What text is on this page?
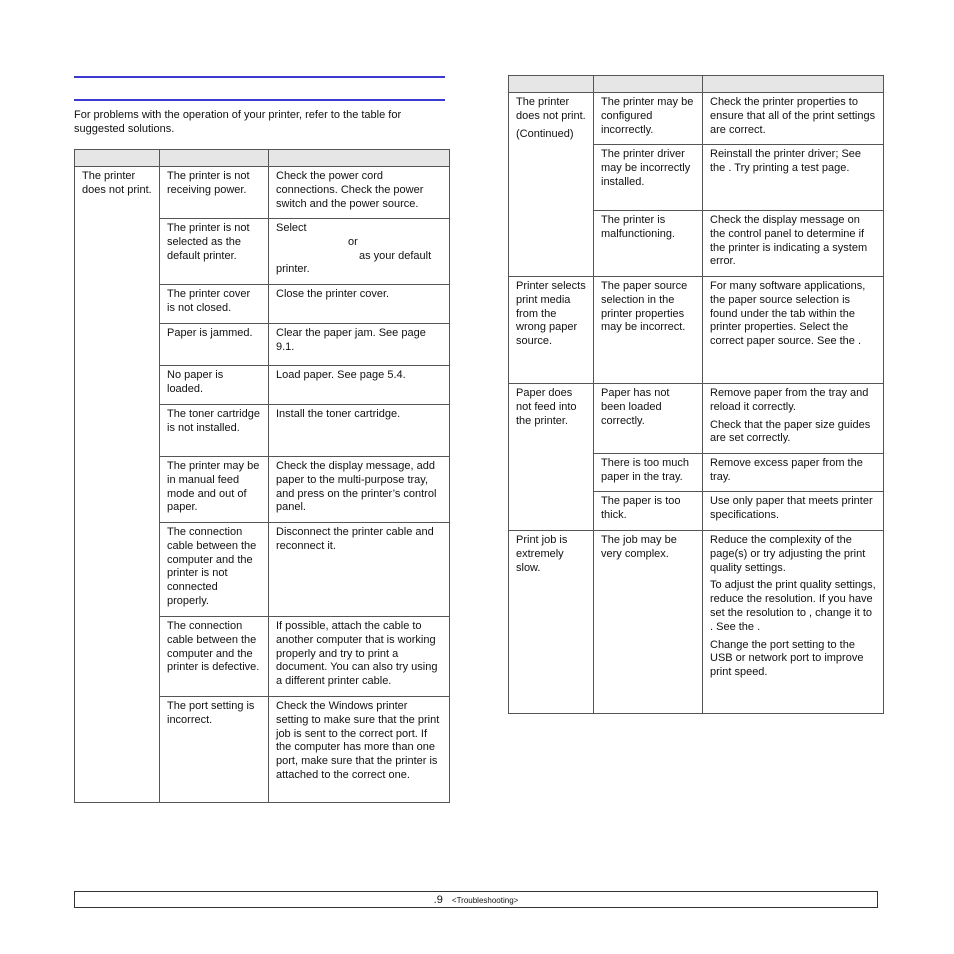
For problems with the operation of your printer, refer to the table for suggested solutions.

The printer does not print.	The printer is not receiving power.	Check the power cord connections. Check the power switch and the power source.
	The printer is not selected as the default printer.	Select
or
as your default
printer.

	The printer cover is not closed.	Close the printer cover.
	Paper is jammed.	Clear the paper jam. See page 9.1.
	No paper is loaded.	Load paper. See page 5.4.
	The toner cartridge is not installed.	Install the toner cartridge.
	The printer may be in manual feed mode and out of paper.	Check the display message, add paper to the multi-purpose tray, and press on the printer’s control panel.
	The connection cable between the computer and the printer is not connected properly.	Disconnect the printer cable and reconnect it.
	The connection cable between the computer and the printer is defective.	If possible, attach the cable to another computer that is working properly and try to print a document. You can also try using a different printer cable.
	The port setting is incorrect.	Check the Windows printer setting to make sure that the print job is sent to the correct port. If the computer has more than one port, make sure that the printer is attached to the correct one.

The printer does not print.
(Continued)	The printer may be configured incorrectly.	Check the printer properties to ensure that all of the print settings are correct.
	The printer driver may be incorrectly installed.	Reinstall the printer driver; See the . Try printing a test page.
	The printer is malfunctioning.	Check the display message on the control panel to determine if the printer is indicating a system error.
Printer selects print media from the wrong paper source.	The paper source selection in the printer properties may be incorrect.	For many software applications, the paper source selection is found under the tab within the printer properties. Select the correct paper source. See the .
Paper does not feed into the printer.	Paper has not been loaded correctly.	Remove paper from the tray and reload it correctly.
Check that the paper size guides are set correctly.

	There is too much paper in the tray.	Remove excess paper from the tray.
	The paper is too thick.	Use only paper that meets printer specifications.
Print job is extremely slow.	The job may be very complex.	Reduce the complexity of the page(s) or try adjusting the print quality settings.
To adjust the print quality settings, reduce the resolution. If you have set the resolution to , change it to . See the .
Change the port setting to the USB or network port to improve print speed.
.9 <Troubleshooting>
